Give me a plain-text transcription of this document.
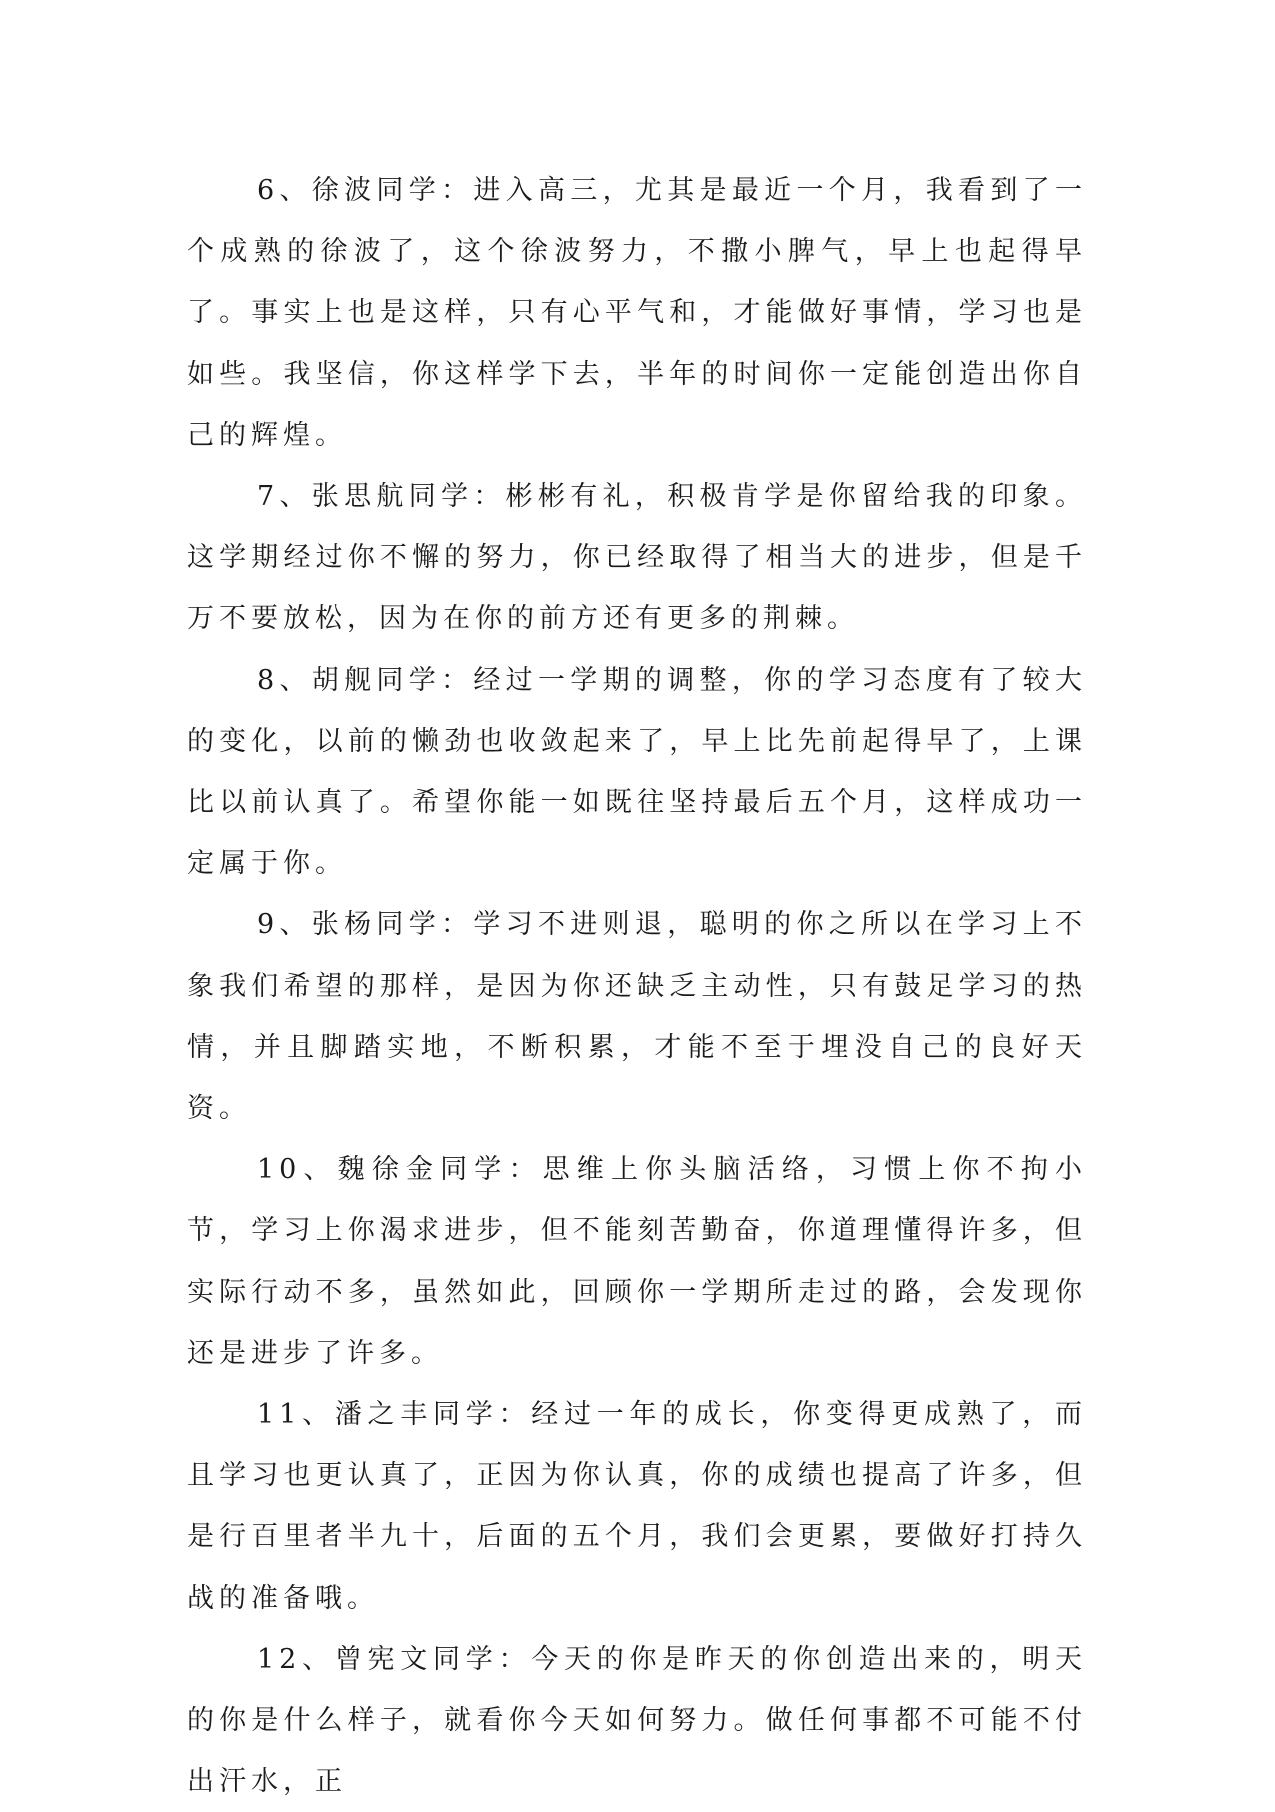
6、徐波同学：进入高三，尤其是最近一个月，我看到了一个成熟的徐波了，这个徐波努力，不撒小脾气，早上也起得早了。事实上也是这样，只有心平气和，才能做好事情，学习也是如些。我坚信，你这样学下去，半年的时间你一定能创造出你自己的辉煌。

7、张思航同学：彬彬有礼，积极肯学是你留给我的印象。这学期经过你不懈的努力，你已经取得了相当大的进步，但是千万不要放松，因为在你的前方还有更多的荆棘。

8、胡舰同学：经过一学期的调整，你的学习态度有了较大的变化，以前的懒劲也收敛起来了，早上比先前起得早了，上课比以前认真了。希望你能一如既往坚持最后五个月，这样成功一定属于你。

9、张杨同学：学习不进则退，聪明的你之所以在学习上不象我们希望的那样，是因为你还缺乏主动性，只有鼓足学习的热情，并且脚踏实地，不断积累，才能不至于埋没自己的良好天资。

10、魏徐金同学：思维上你头脑活络，习惯上你不拘小节，学习上你渴求进步，但不能刻苦勤奋，你道理懂得许多，但实际行动不多，虽然如此，回顾你一学期所走过的路，会发现你还是进步了许多。

11、潘之丰同学：经过一年的成长，你变得更成熟了，而且学习也更认真了，正因为你认真，你的成绩也提高了许多，但是行百里者半九十，后面的五个月，我们会更累，要做好打持久战的准备哦。

12、曾宪文同学：今天的你是昨天的你创造出来的，明天的你是什么样子，就看你今天如何努力。做任何事都不可能不付出汗水，正
